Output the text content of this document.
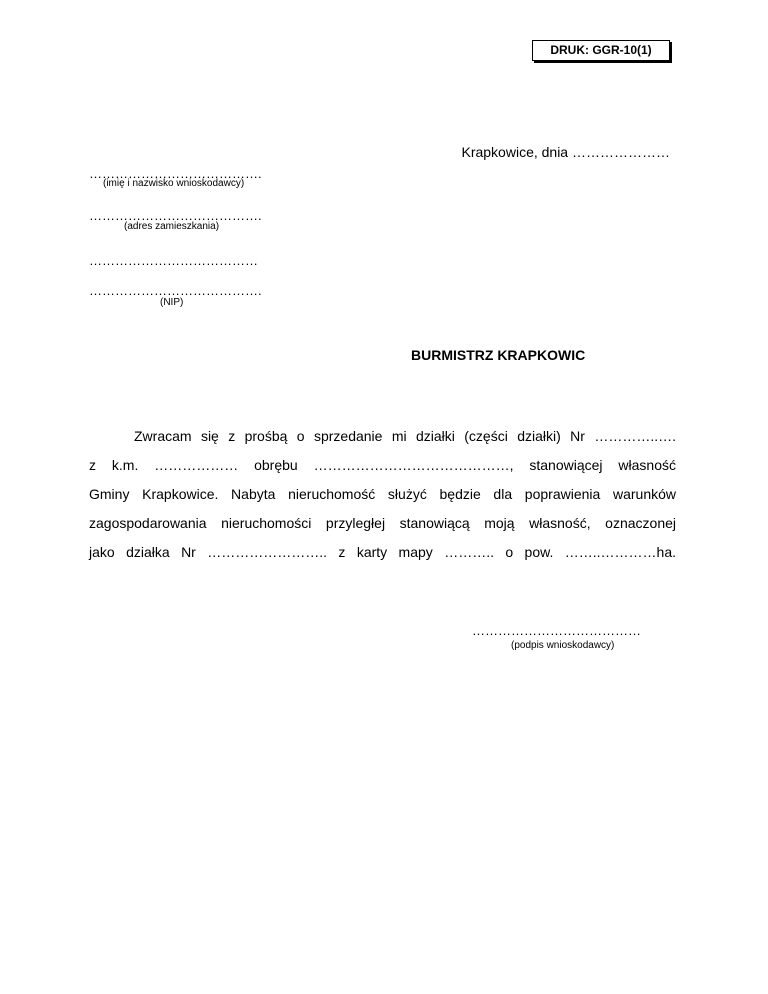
DRUK: GGR-10(1)
Krapkowice, dnia …………………
………………………………….
(imię i nazwisko wnioskodawcy)
………………………………….
(adres zamieszkania)
…………………………………
………………………………….
(NIP)
BURMISTRZ KRAPKOWIC
Zwracam się z prośbą o sprzedanie mi działki (części działki) Nr …………..….
z k.m. ……………… obrębu ……………………………………, stanowiącej własność
Gminy Krapkowice. Nabyta nieruchomość służyć będzie dla poprawienia warunków
zagospodarowania nieruchomości przyległej stanowiącą moją własność, oznaczonej
jako działka Nr …………………….. z karty mapy ……….. o pow. ……..…………ha.
…………………………………
(podpis wnioskodawcy)
